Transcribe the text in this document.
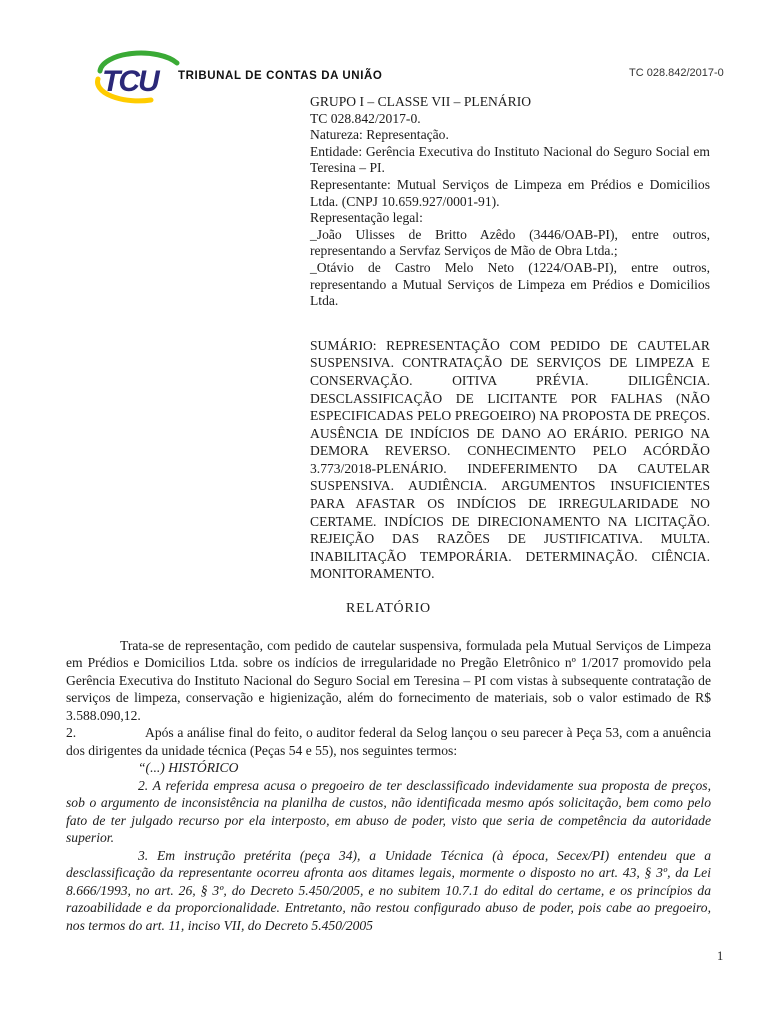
TCU TRIBUNAL DE CONTAS DA UNIÃO	TC 028.842/2017-0

GRUPO I – CLASSE VII – PLENÁRIO

TC 028.842/2017-0.

Natureza: Representação.

Entidade: Gerência Executiva do Instituto Nacional do Seguro Social em Teresina – PI.

Representante: Mutual Serviços de Limpeza em Prédios e Domicilios Ltda. (CNPJ 10.659.927/0001-91).

Representação legal:

_João Ulisses de Britto Azêdo (3446/OAB-PI), entre outros, representando a Servfaz Serviços de Mão de Obra Ltda.;

_Otávio de Castro Melo Neto (1224/OAB-PI), entre outros, representando a Mutual Serviços de Limpeza em Prédios e Domicilios Ltda.

SUMÁRIO: REPRESENTAÇÃO COM PEDIDO DE CAUTELAR SUSPENSIVA. CONTRATAÇÃO DE SERVIÇOS DE LIMPEZA E CONSERVAÇÃO. OITIVA PRÉVIA. DILIGÊNCIA. DESCLASSIFICAÇÃO DE LICITANTE POR FALHAS (NÃO ESPECIFICADAS PELO PREGOEIRO) NA PROPOSTA DE PREÇOS. AUSÊNCIA DE INDÍCIOS DE DANO AO ERÁRIO. PERIGO NA DEMORA REVERSO. CONHECIMENTO PELO ACÓRDÃO 3.773/2018-PLENÁRIO. INDEFERIMENTO DA CAUTELAR SUSPENSIVA. AUDIÊNCIA. ARGUMENTOS INSUFICIENTES PARA AFASTAR OS INDÍCIOS DE IRREGULARIDADE NO CERTAME. INDÍCIOS DE DIRECIONAMENTO NA LICITAÇÃO. REJEIÇÃO DAS RAZÕES DE JUSTIFICATIVA. MULTA. INABILITAÇÃO TEMPORÁRIA. DETERMINAÇÃO. CIÊNCIA. MONITORAMENTO.

RELATÓRIO

Trata-se de representação, com pedido de cautelar suspensiva, formulada pela Mutual Serviços de Limpeza em Prédios e Domicilios Ltda. sobre os indícios de irregularidade no Pregão Eletrônico nº 1/2017 promovido pela Gerência Executiva do Instituto Nacional do Seguro Social em Teresina – PI com vistas à subsequente contratação de serviços de limpeza, conservação e higienização, além do fornecimento de materiais, sob o valor estimado de R$ 3.588.090,12.

2.	Após a análise final do feito, o auditor federal da Selog lançou o seu parecer à Peça 53, com a anuência dos dirigentes da unidade técnica (Peças 54 e 55), nos seguintes termos:

“(...) HISTÓRICO

2. A referida empresa acusa o pregoeiro de ter desclassificado indevidamente sua proposta de preços, sob o argumento de inconsistência na planilha de custos, não identificada mesmo após solicitação, bem como pelo fato de ter julgado recurso por ela interposto, em abuso de poder, visto que seria de competência da autoridade superior.

3. Em instrução pretérita (peça 34), a Unidade Técnica (à época, Secex/PI) entendeu que a desclassificação da representante ocorreu afronta aos ditames legais, mormente o disposto no art. 43, § 3º, da Lei 8.666/1993, no art. 26, § 3º, do Decreto 5.450/2005, e no subitem 10.7.1 do edital do certame, e os princípios da razoabilidade e da proporcionalidade. Entretanto, não restou configurado abuso de poder, pois cabe ao pregoeiro, nos termos do art. 11, inciso VII, do Decreto 5.450/2005

1
